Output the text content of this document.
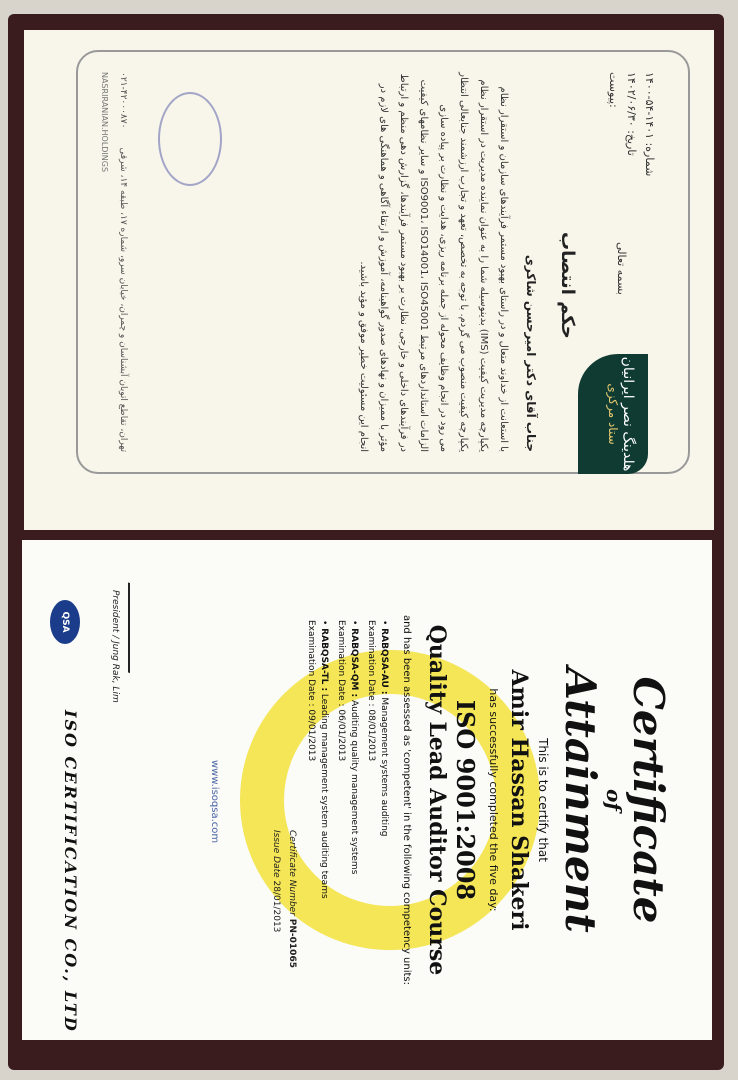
هلدینگ نصر ایرانیان
ستاد مرکزی
شماره: ۱۴۰۱-۵۴-۱۴۰۰
تاریخ: ۱۴۰۲/۰۶/۳۰
پیوست:
بسمه تعالی
حکم انتصاب
جناب آقای دکتر امیرحسن شاکری
با استعانت از خداوند متعال و در راستای بهبود مستمر فرآیندهای سازمان و استقرار نظام یکپارچه مدیریت کیفیت (IMS) بدینوسیله شما را به عنوان نماینده مدیریت در استقرار نظام یکپارچه کیفیت منصوب می گردم. با توجه به تخصص، تعهد و تجارب ارزشمند جنابعالی انتظار می رود در انجام وظایف محوله از جمله برنامه ریزی، هدایت و نظارت بر پیاده سازی الزامات استانداردهای مرتبط ISO9001، ISO14001، ISO45001 و سایر نظامهای کیفیت در فرآیندهای داخلی و خارجی، نظارت بر بهبود مستمر فرآیندها، گزارش دهی منظم و ارتباط مؤثر با ممیزان و نهادهای صدور گواهینامه، آموزش و ارتقاء آگاهی و هماهنگی های لازم در انجام این مسئولیت خطیر موفق و مؤید باشید.
تهران، تقاطع اتوبان آبشناسان و چمران، خیابان سرو، شماره ۱۷، طبقه ۱۴، شرقی
۰۲۱-۴۲۰۰۰۸۷۰
NASRIRANIAN.HOLDINGS
Certificate
of
Attainment
This is to certify that
Amir Hassan Shakeri
has successfully completed the five day:
ISO 9001:2008
Quality Lead Auditor Course
and has been assessed as 'competent' in the following competency units:
• RABQSA-AU : Management systems auditing
Examination Date : 08/01/2013
• RABQSA-QM : Auditing quality management systems
Examination Date : 06/01/2013
• RABQSA-TL : Leading management system auditing teams
Examination Date : 09/01/2013
Certificate Number PN-01065
Issue Date 28/01/2013
www.isoqsa.com
President / Jung Rak, Lim
QSA
ISO CERTIFICATION CO., LTD
